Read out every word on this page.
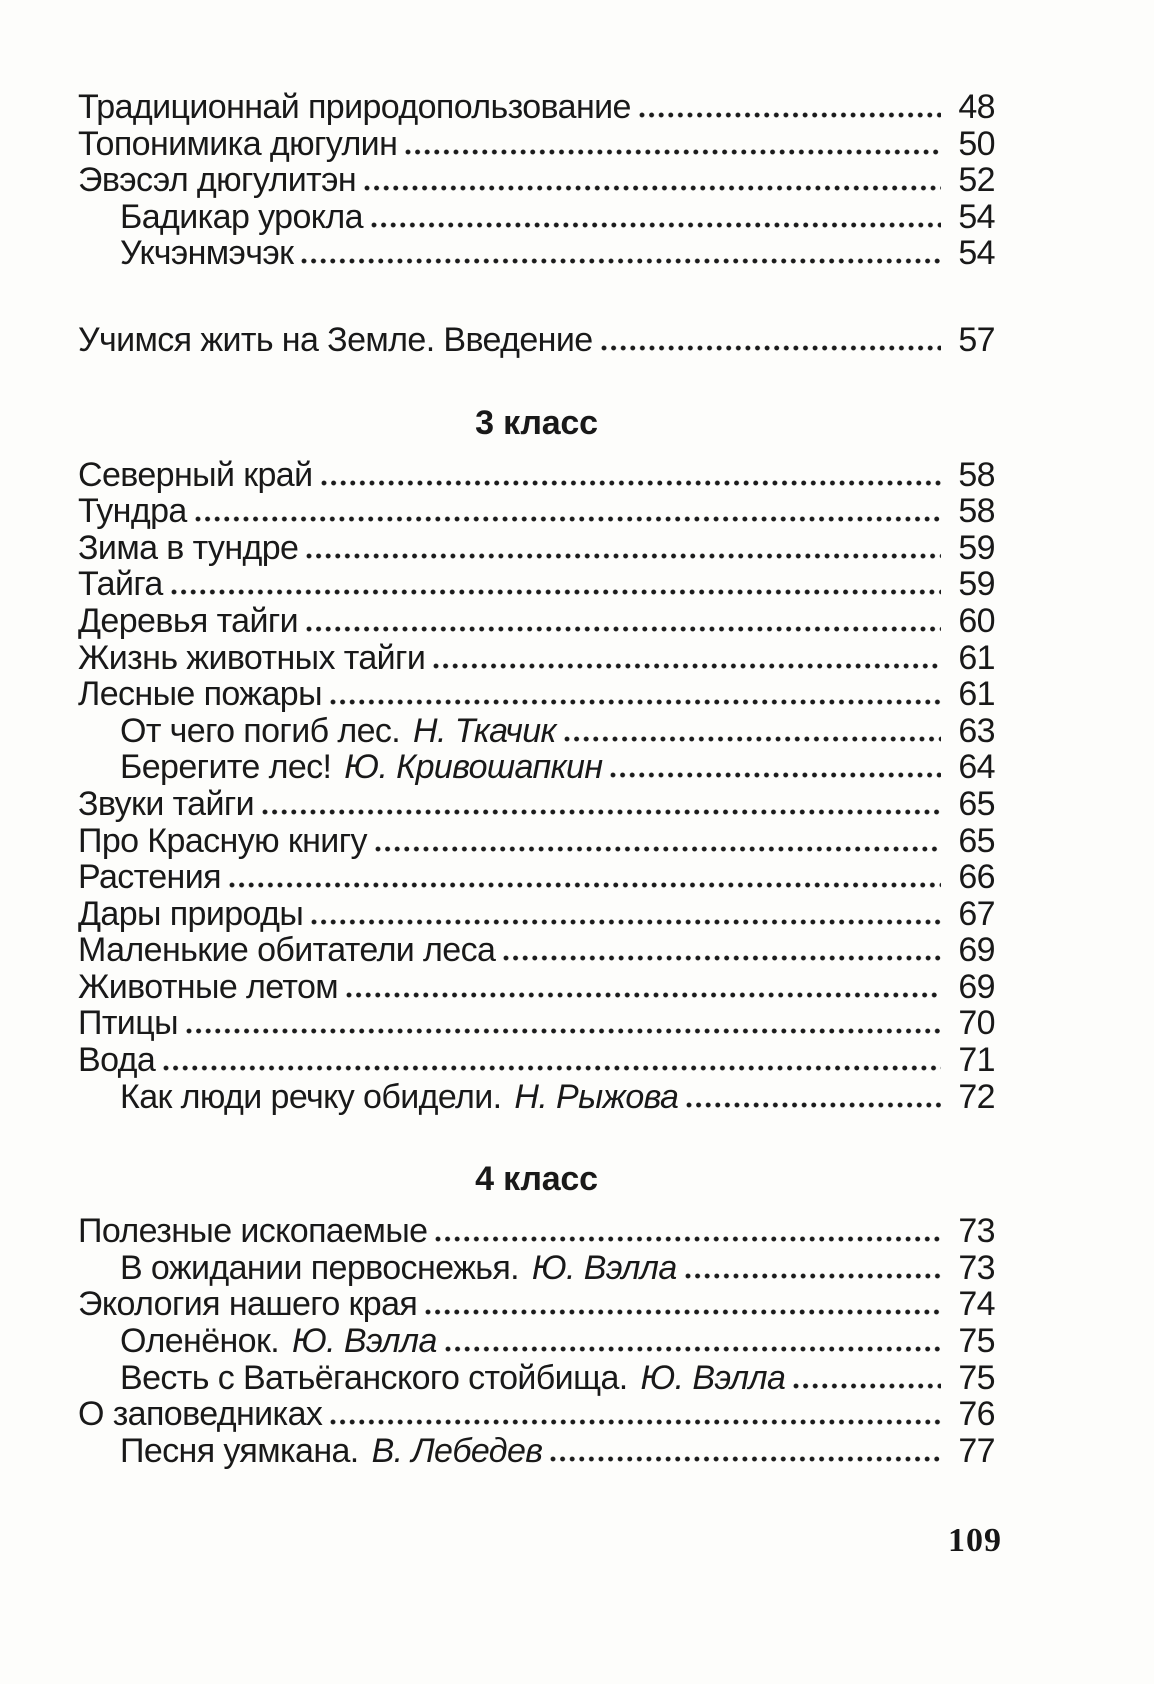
Традиционнай природопользование	48
Топонимика дюгулин	50
Эвэсэл дюгулитэн	52
Бадикар урокла	54
Укчэнмэчэк	54
Учимся жить на Земле. Введение	57
3 класс
Северный край	58
Тундра	58
Зима в тундре	59
Тайга	59
Деревья тайги	60
Жизнь животных тайги	61
Лесные пожары	61
От чего погиб лес. Н. Ткачик	63
Берегите лес! Ю. Кривошапкин	64
Звуки тайги	65
Про Красную книгу	65
Растения	66
Дары природы	67
Маленькие обитатели леса	69
Животные летом	69
Птицы	70
Вода	71
Как люди речку обидели. Н. Рыжова	72
4 класс
Полезные ископаемые	73
В ожидании первоснежья. Ю. Вэлла	73
Экология нашего края	74
Оленёнок. Ю. Вэлла	75
Весть с Ватьёганского стойбища. Ю. Вэлла	75
О заповедниках	76
Песня уямкана. В. Лебедев	77
109
